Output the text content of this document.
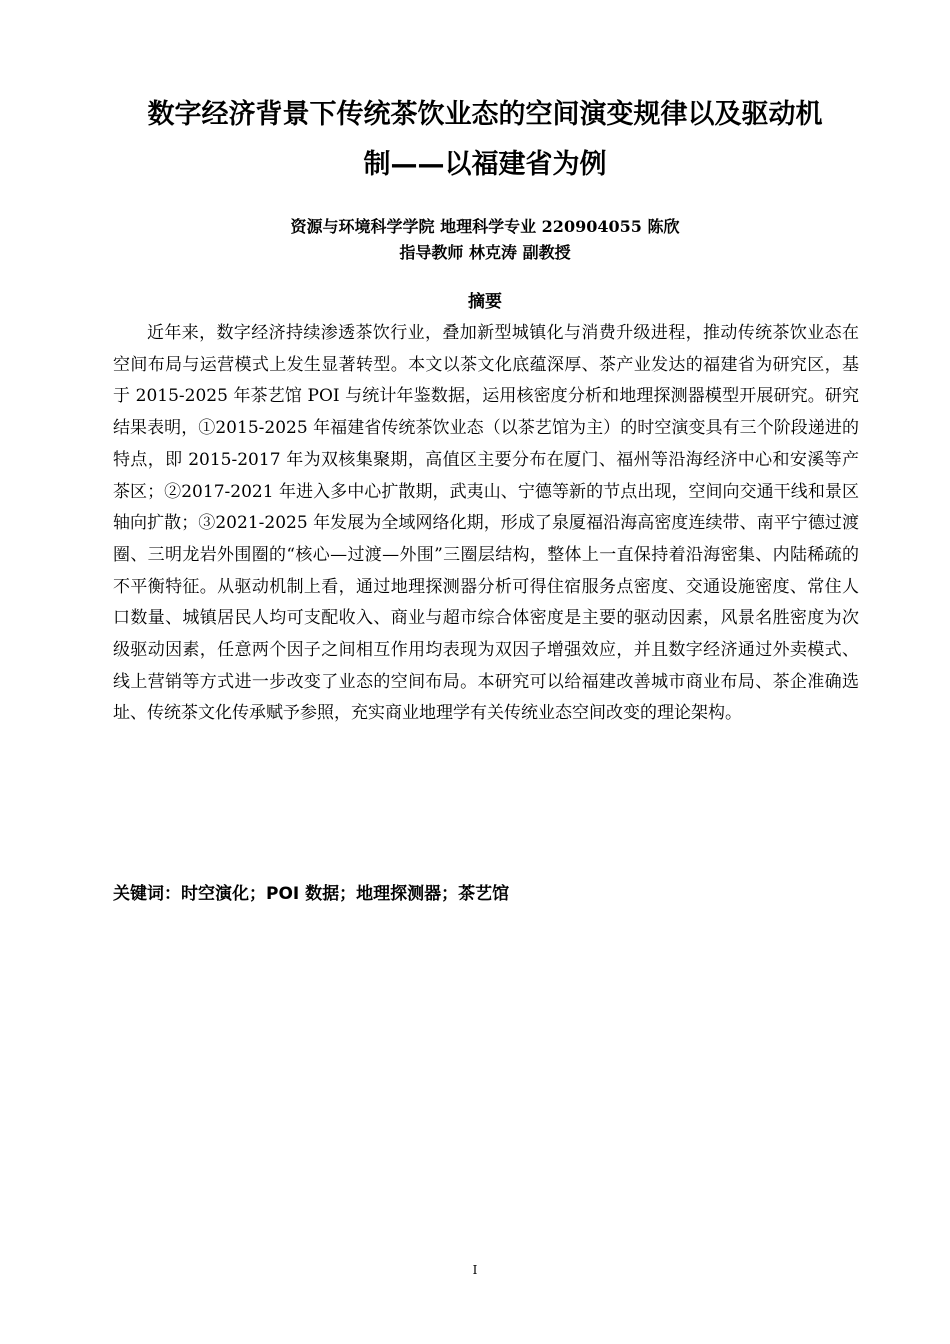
数字经济背景下传统茶饮业态的空间演变规律以及驱动机
制——以福建省为例
资源与环境科学学院 地理科学专业 220904055 陈欣
指导教师 林克涛 副教授
摘要

近年来，数字经济持续渗透茶饮行业，叠加新型城镇化与消费升级进程，推动传统茶饮业态在空间布局与运营模式上发生显著转型。本文以茶文化底蕴深厚、茶产业发达的福建省为研究区，基于 2015-2025 年茶艺馆 POI 与统计年鉴数据，运用核密度分析和地理探测器模型开展研究。研究结果表明，①2015-2025 年福建省传统茶饮业态（以茶艺馆为主）的时空演变具有三个阶段递进的特点，即 2015-2017 年为双核集聚期，高值区主要分布在厦门、福州等沿海经济中心和安溪等产茶区；②2017-2021 年进入多中心扩散期，武夷山、宁德等新的节点出现，空间向交通干线和景区轴向扩散；③2021-2025 年发展为全域网络化期，形成了泉厦福沿海高密度连续带、南平宁德过渡圈、三明龙岩外围圈的“核心—过渡—外围”三圈层结构，整体上一直保持着沿海密集、内陆稀疏的不平衡特征。从驱动机制上看，通过地理探测器分析可得住宿服务点密度、交通设施密度、常住人口数量、城镇居民人均可支配收入、商业与超市综合体密度是主要的驱动因素，风景名胜密度为次级驱动因素，任意两个因子之间相互作用均表现为双因子增强效应，并且数字经济通过外卖模式、线上营销等方式进一步改变了业态的空间布局。本研究可以给福建改善城市商业布局、茶企准确选址、传统茶文化传承赋予参照，充实商业地理学有关传统业态空间改变的理论架构。

关键词：时空演化；POI 数据；地理探测器；茶艺馆
I
